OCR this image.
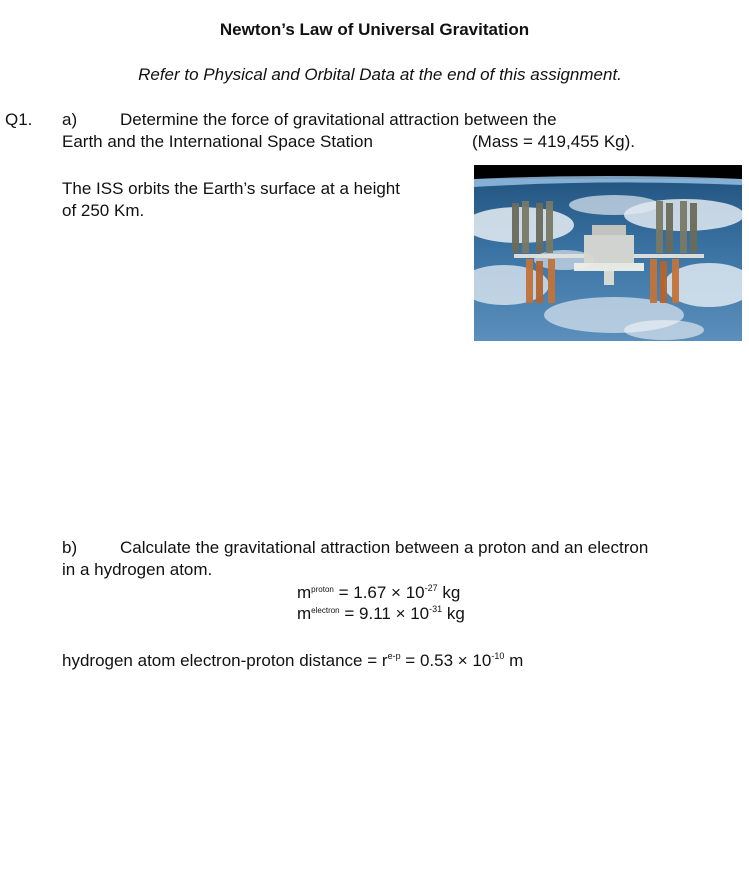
Newton’s Law of Universal Gravitation
Refer to Physical and Orbital Data at the end of this assignment.
Q1. a)	Determine the force of gravitational attraction between the
Earth and the International Space Station	(Mass = 419,455 Kg).
The ISS orbits the Earth’s surface at a height
of 250 Km.
b)	Calculate the gravitational attraction between a proton and an electron
in a hydrogen atom.
$m^{proton} = 1.67 \times 10^{-27}$ kg
$m^{electron} = 9.11 \times 10^{-31}$ kg
hydrogen atom electron-proton distance = $r^{e-p} = 0.53 \times 10^{-10}$ m
